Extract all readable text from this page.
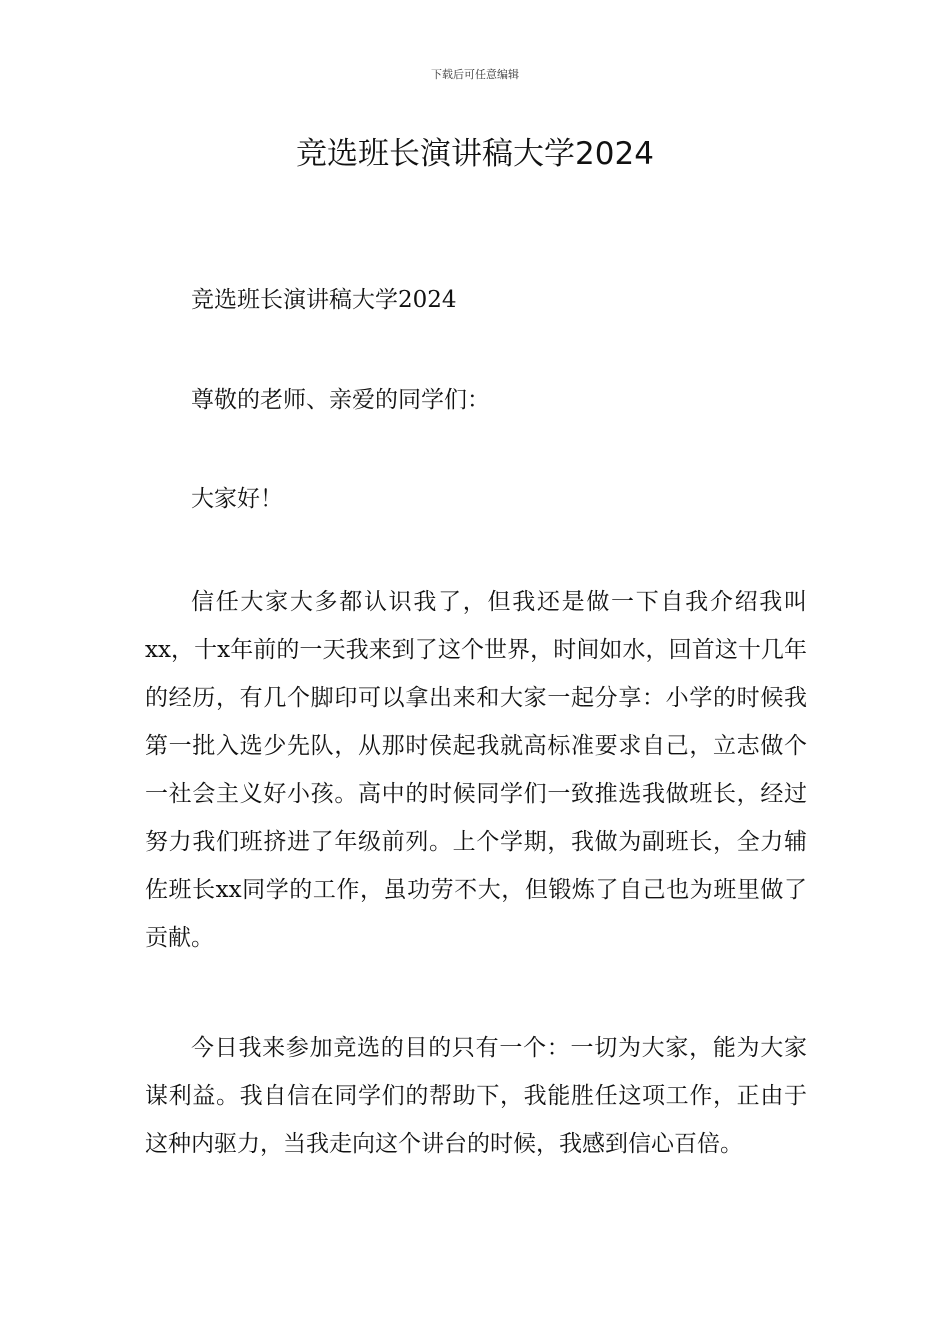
下载后可任意编辑
竞选班长演讲稿大学2024

竞选班长演讲稿大学2024

尊敬的老师、亲爱的同学们：

大家好！

信任大家大多都认识我了，但我还是做一下自我介绍我叫xx，十x年前的一天我来到了这个世界，时间如水，回首这十几年的经历，有几个脚印可以拿出来和大家一起分享：小学的时候我第一批入选少先队，从那时侯起我就高标准要求自己，立志做个一社会主义好小孩。高中的时候同学们一致推选我做班长，经过努力我们班挤进了年级前列。上个学期，我做为副班长，全力辅佐班长xx同学的工作，虽功劳不大，但锻炼了自己也为班里做了贡献。

今日我来参加竞选的目的只有一个：一切为大家，能为大家谋利益。我自信在同学们的帮助下，我能胜任这项工作，正由于这种内驱力，当我走向这个讲台的时候，我感到信心百倍。
